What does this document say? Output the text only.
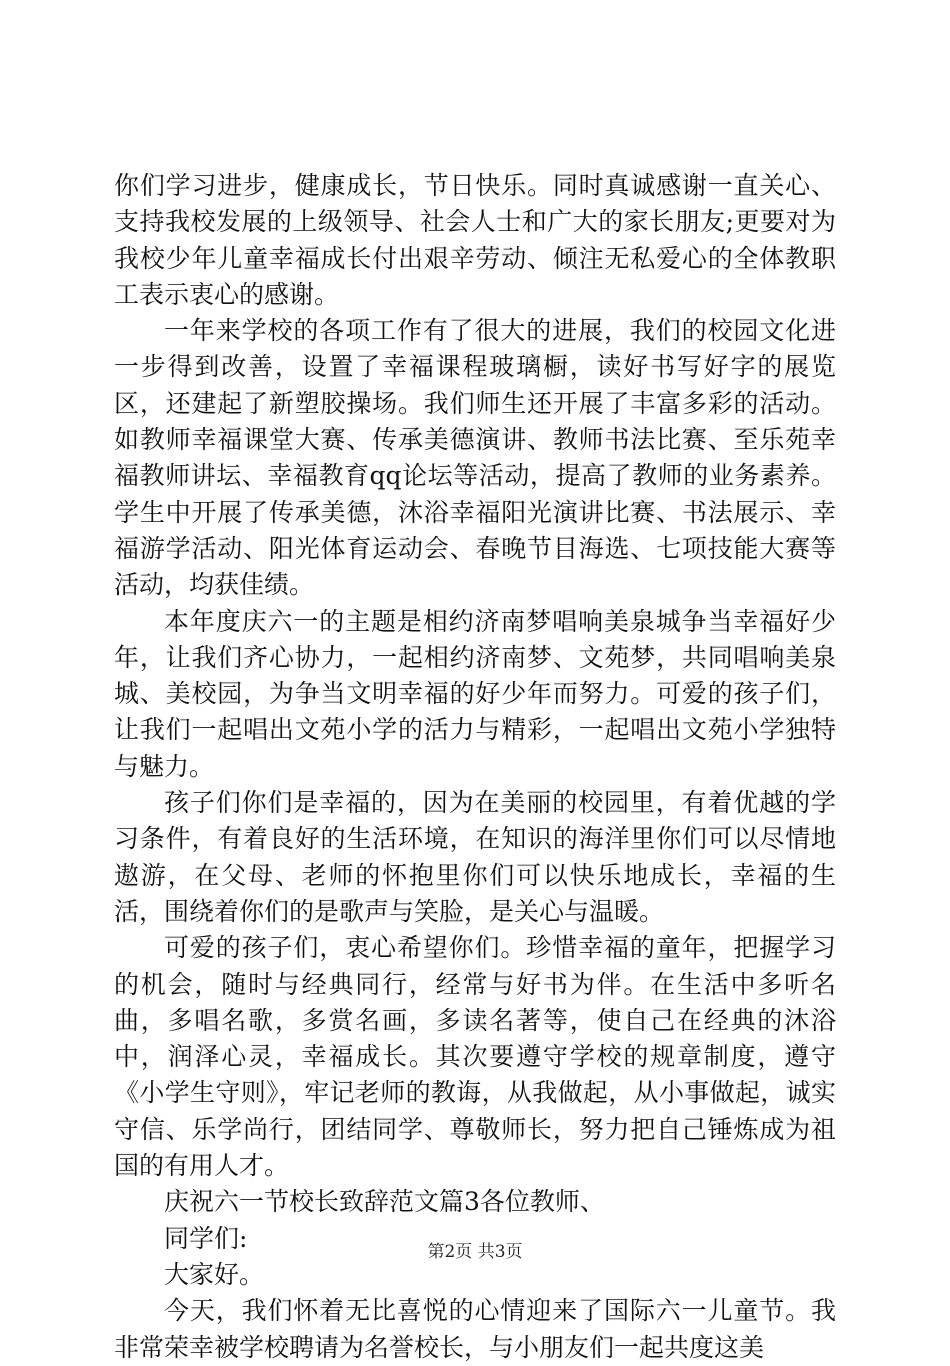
你们学习进步，健康成长，节日快乐。同时真诚感谢一直关心、支持我校发展的上级领导、社会人士和广大的家长朋友;更要对为我校少年儿童幸福成长付出艰辛劳动、倾注无私爱心的全体教职工表示衷心的感谢。

一年来学校的各项工作有了很大的进展，我们的校园文化进一步得到改善，设置了幸福课程玻璃橱，读好书写好字的展览区，还建起了新塑胶操场。我们师生还开展了丰富多彩的活动。如教师幸福课堂大赛、传承美德演讲、教师书法比赛、至乐苑幸福教师讲坛、幸福教育qq论坛等活动，提高了教师的业务素养。学生中开展了传承美德，沐浴幸福阳光演讲比赛、书法展示、幸福游学活动、阳光体育运动会、春晚节目海选、七项技能大赛等活动，均获佳绩。

本年度庆六一的主题是相约济南梦唱响美泉城争当幸福好少年，让我们齐心协力，一起相约济南梦、文苑梦，共同唱响美泉城、美校园，为争当文明幸福的好少年而努力。可爱的孩子们，让我们一起唱出文苑小学的活力与精彩，一起唱出文苑小学独特与魅力。

孩子们你们是幸福的，因为在美丽的校园里，有着优越的学习条件，有着良好的生活环境，在知识的海洋里你们可以尽情地遨游，在父母、老师的怀抱里你们可以快乐地成长，幸福的生活，围绕着你们的是歌声与笑脸，是关心与温暖。

可爱的孩子们，衷心希望你们。珍惜幸福的童年，把握学习的机会，随时与经典同行，经常与好书为伴。在生活中多听名曲，多唱名歌，多赏名画，多读名著等，使自己在经典的沐浴中，润泽心灵，幸福成长。其次要遵守学校的规章制度，遵守《小学生守则》，牢记老师的教诲，从我做起，从小事做起，诚实守信、乐学尚行，团结同学、尊敬师长，努力把自己锤炼成为祖国的有用人才。

庆祝六一节校长致辞范文篇3各位教师、

同学们:

大家好。

今天，我们怀着无比喜悦的心情迎来了国际六一儿童节。我非常荣幸被学校聘请为名誉校长，与小朋友们一起共度这美

第2页 共3页
